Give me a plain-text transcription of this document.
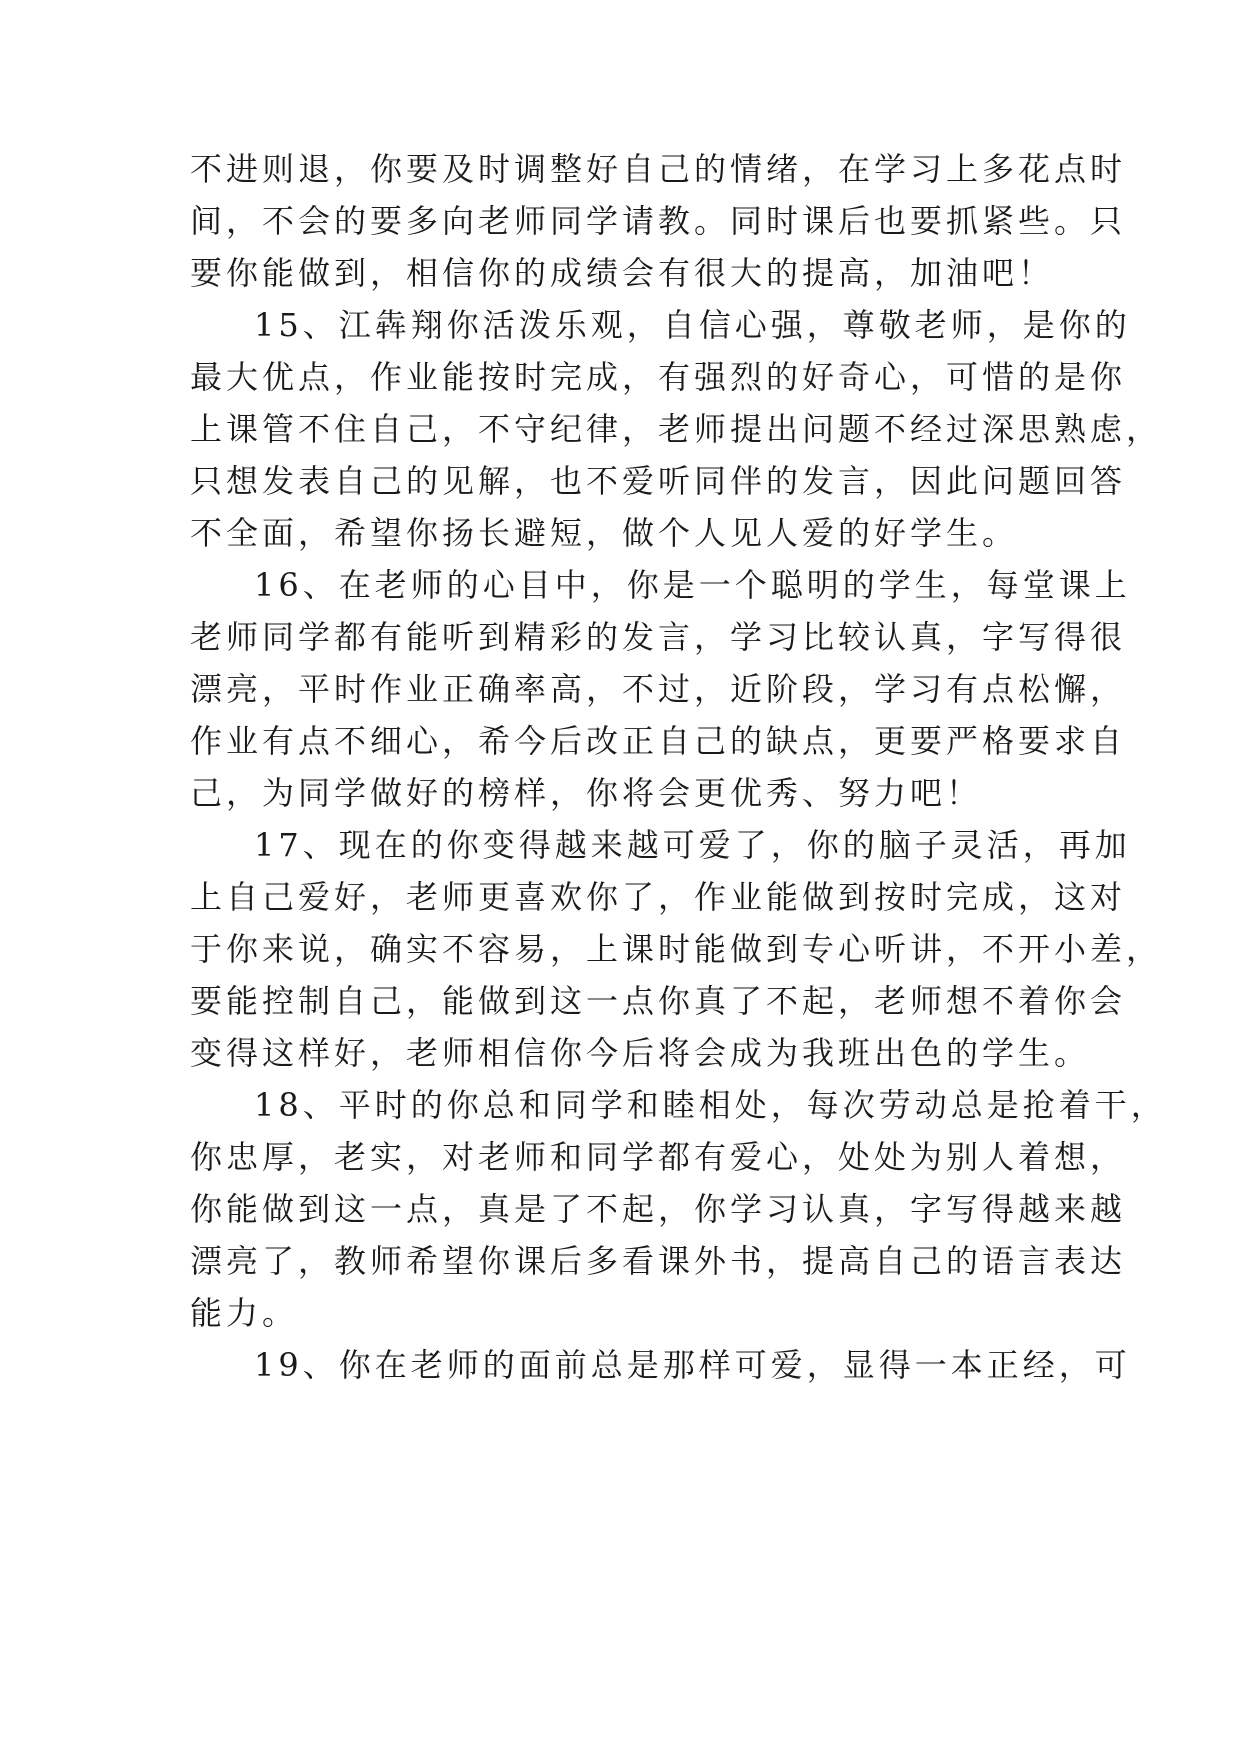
不进则退，你要及时调整好自己的情绪，在学习上多花点时

间，不会的要多向老师同学请教。同时课后也要抓紧些。只

要你能做到，相信你的成绩会有很大的提高，加油吧！

15、江犇翔你活泼乐观，自信心强，尊敬老师，是你的

最大优点，作业能按时完成，有强烈的好奇心，可惜的是你

上课管不住自己，不守纪律，老师提出问题不经过深思熟虑，

只想发表自己的见解，也不爱听同伴的发言，因此问题回答

不全面，希望你扬长避短，做个人见人爱的好学生。

16、在老师的心目中，你是一个聪明的学生，每堂课上

老师同学都有能听到精彩的发言，学习比较认真，字写得很

漂亮，平时作业正确率高，不过，近阶段，学习有点松懈，

作业有点不细心，希今后改正自己的缺点，更要严格要求自

己，为同学做好的榜样，你将会更优秀、努力吧！

17、现在的你变得越来越可爱了，你的脑子灵活，再加

上自己爱好，老师更喜欢你了，作业能做到按时完成，这对

于你来说，确实不容易，上课时能做到专心听讲，不开小差，

要能控制自己，能做到这一点你真了不起，老师想不着你会

变得这样好，老师相信你今后将会成为我班出色的学生。

18、平时的你总和同学和睦相处，每次劳动总是抢着干，

你忠厚，老实，对老师和同学都有爱心，处处为别人着想，

你能做到这一点，真是了不起，你学习认真，字写得越来越

漂亮了，教师希望你课后多看课外书，提高自己的语言表达

能力。

19、你在老师的面前总是那样可爱，显得一本正经，可
